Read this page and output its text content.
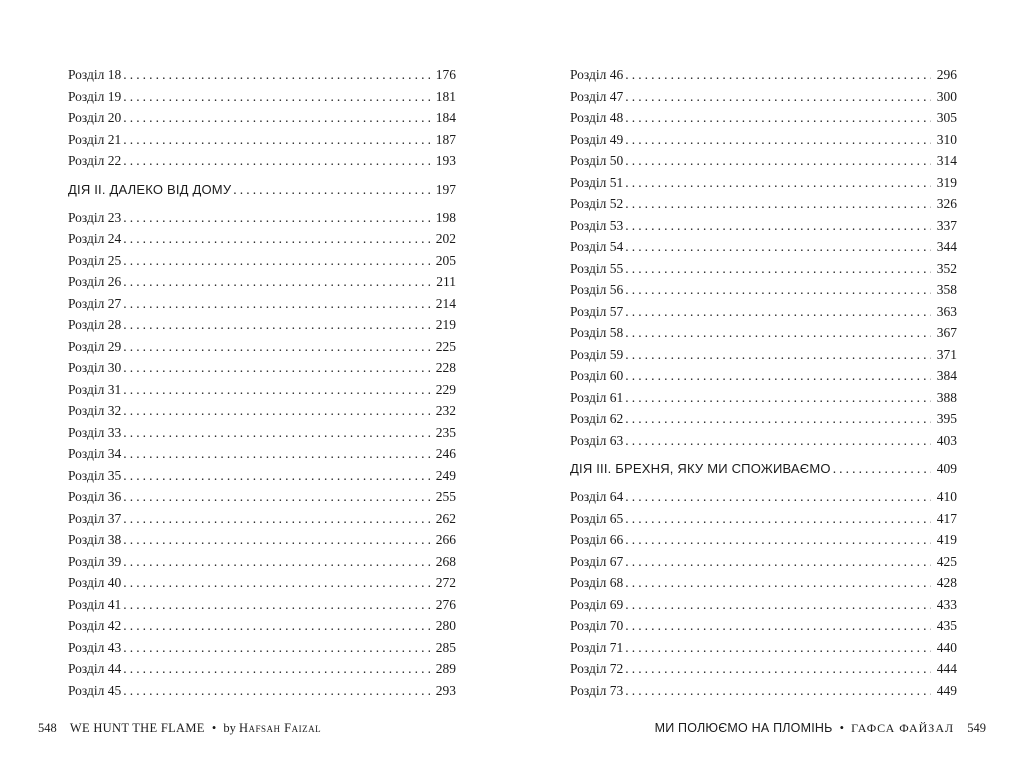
Розділ 18 .....	176
Розділ 19 .....	181
Розділ 20 .....	184
Розділ 21 .....	187
Розділ 22 .....	193
ДІЯ ІІ. ДАЛЕКО ВІД ДОМУ .....	197
Розділ 23 .....	198
Розділ 24 .....	202
Розділ 25 .....	205
Розділ 26 .....	211
Розділ 27 .....	214
Розділ 28 .....	219
Розділ 29 .....	225
Розділ 30 .....	228
Розділ 31 .....	229
Розділ 32 .....	232
Розділ 33 .....	235
Розділ 34 .....	246
Розділ 35 .....	249
Розділ 36 .....	255
Розділ 37 .....	262
Розділ 38 .....	266
Розділ 39 .....	268
Розділ 40 .....	272
Розділ 41 .....	276
Розділ 42 .....	280
Розділ 43 .....	285
Розділ 44 .....	289
Розділ 45 .....	293
Розділ 46 .....	296
Розділ 47 .....	300
Розділ 48 .....	305
Розділ 49 .....	310
Розділ 50 .....	314
Розділ 51 .....	319
Розділ 52 .....	326
Розділ 53 .....	337
Розділ 54 .....	344
Розділ 55 .....	352
Розділ 56 .....	358
Розділ 57 .....	363
Розділ 58 .....	367
Розділ 59 .....	371
Розділ 60 .....	384
Розділ 61 .....	388
Розділ 62 .....	395
Розділ 63 .....	403
ДІЯ ІІІ. БРЕХНЯ, ЯКУ МИ СПОЖИВАЄМО .....	409
Розділ 64 .....	410
Розділ 65 .....	417
Розділ 66 .....	419
Розділ 67 .....	425
Розділ 68 .....	428
Розділ 69 .....	433
Розділ 70 .....	435
Розділ 71 .....	440
Розділ 72 .....	444
Розділ 73 .....	449
548 WE HUNT THE FLAME • by Hafsah Faizal	МИ ПОЛЮЄМО НА ПЛОМІНЬ • ГАФСА ФАЙЗАЛ 549
